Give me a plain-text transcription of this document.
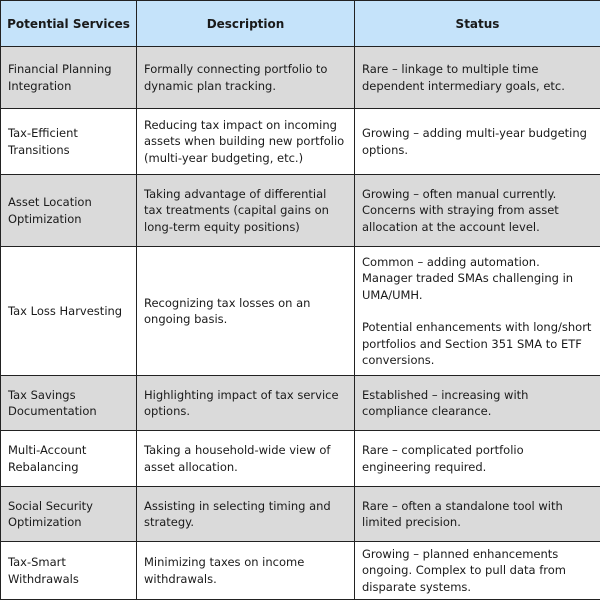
Potential Services	Description	Status
Financial Planning Integration	Formally connecting portfolio to dynamic plan tracking.	Rare – linkage to multiple time dependent intermediary goals, etc.

Tax-Efficient Transitions	Reducing tax impact on incoming assets when building new portfolio (multi-year budgeting, etc.)	Growing – adding multi-year budgeting options.

Asset Location Optimization	Taking advantage of differential tax treatments (capital gains on long-term equity positions)	Growing – often manual currently. Concerns with straying from asset allocation at the account level.

Tax Loss Harvesting	Recognizing tax losses on an ongoing basis.	Common – adding automation. Manager traded SMAs challenging in UMA/UMH.
Potential enhancements with long/short portfolios and Section 351 SMA to ETF conversions.

Tax Savings Documentation	Highlighting impact of tax service options.	Established – increasing with compliance clearance.

Multi-Account Rebalancing	Taking a household-wide view of asset allocation.	Rare – complicated portfolio engineering required.

Social Security Optimization	Assisting in selecting timing and strategy.	Rare – often a standalone tool with limited precision.

Tax-Smart Withdrawals	Minimizing taxes on income withdrawals.	Growing – planned enhancements ongoing. Complex to pull data from disparate systems.
